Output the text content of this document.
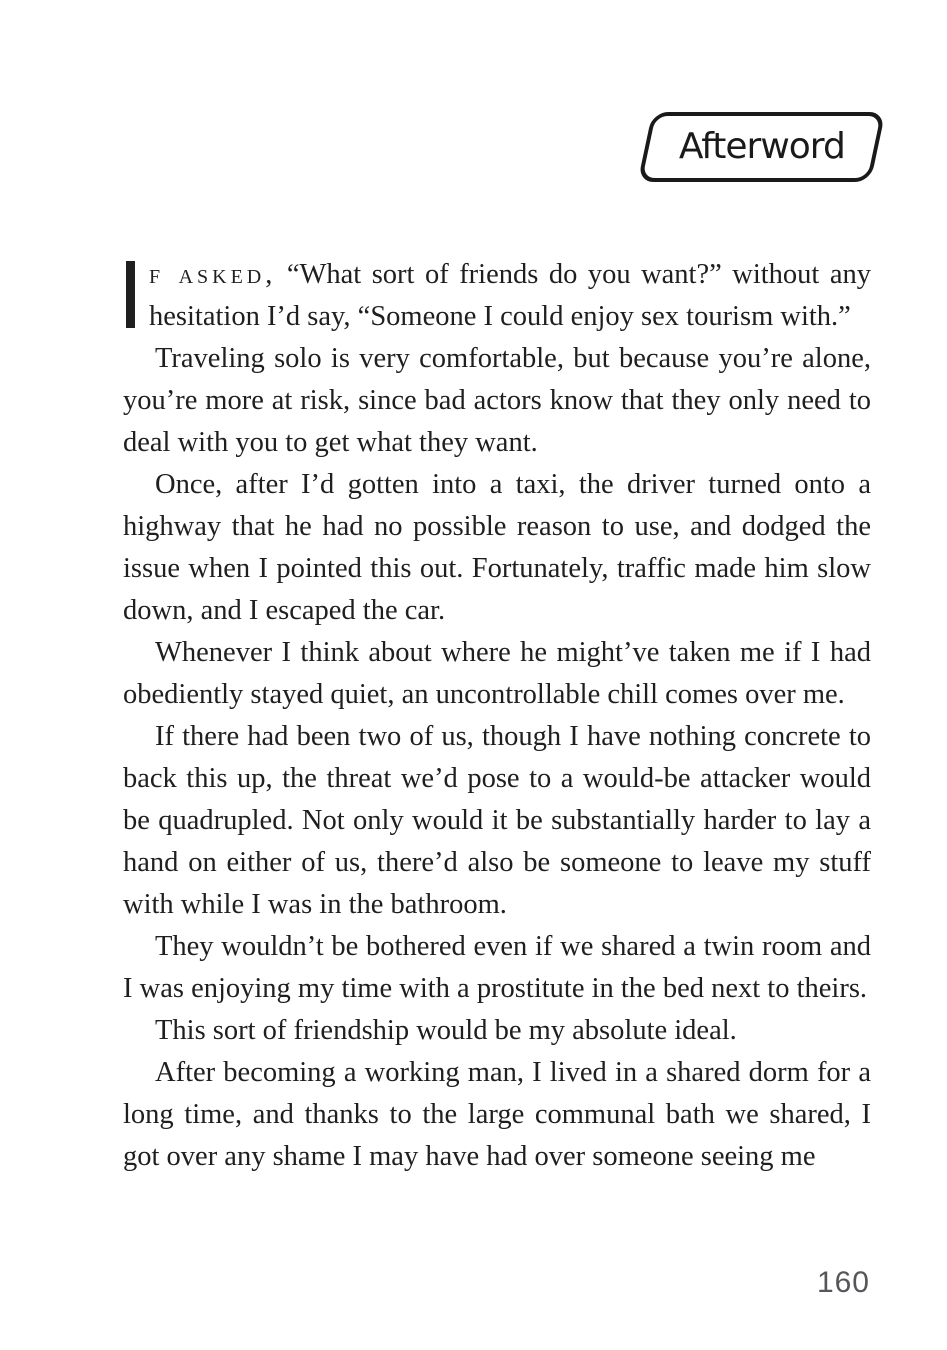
Afterword

f asked, “What sort of friends do you want?” without any hesitation I’d say, “Someone I could enjoy sex tourism with.”

Traveling solo is very comfortable, but because you’re alone, you’re more at risk, since bad actors know that they only need to deal with you to get what they want.

Once, after I’d gotten into a taxi, the driver turned onto a highway that he had no possible reason to use, and dodged the issue when I pointed this out. Fortunately, traffic made him slow down, and I escaped the car.

Whenever I think about where he might’ve taken me if I had obediently stayed quiet, an uncontrollable chill comes over me.

If there had been two of us, though I have nothing concrete to back this up, the threat we’d pose to a would-be attacker would be quadrupled. Not only would it be substantially harder to lay a hand on either of us, there’d also be someone to leave my stuff with while I was in the bathroom.

They wouldn’t be bothered even if we shared a twin room and I was enjoying my time with a prostitute in the bed next to theirs.

This sort of friendship would be my absolute ideal.

After becoming a working man, I lived in a shared dorm for a long time, and thanks to the large communal bath we shared, I got over any shame I may have had over someone seeing me

160
